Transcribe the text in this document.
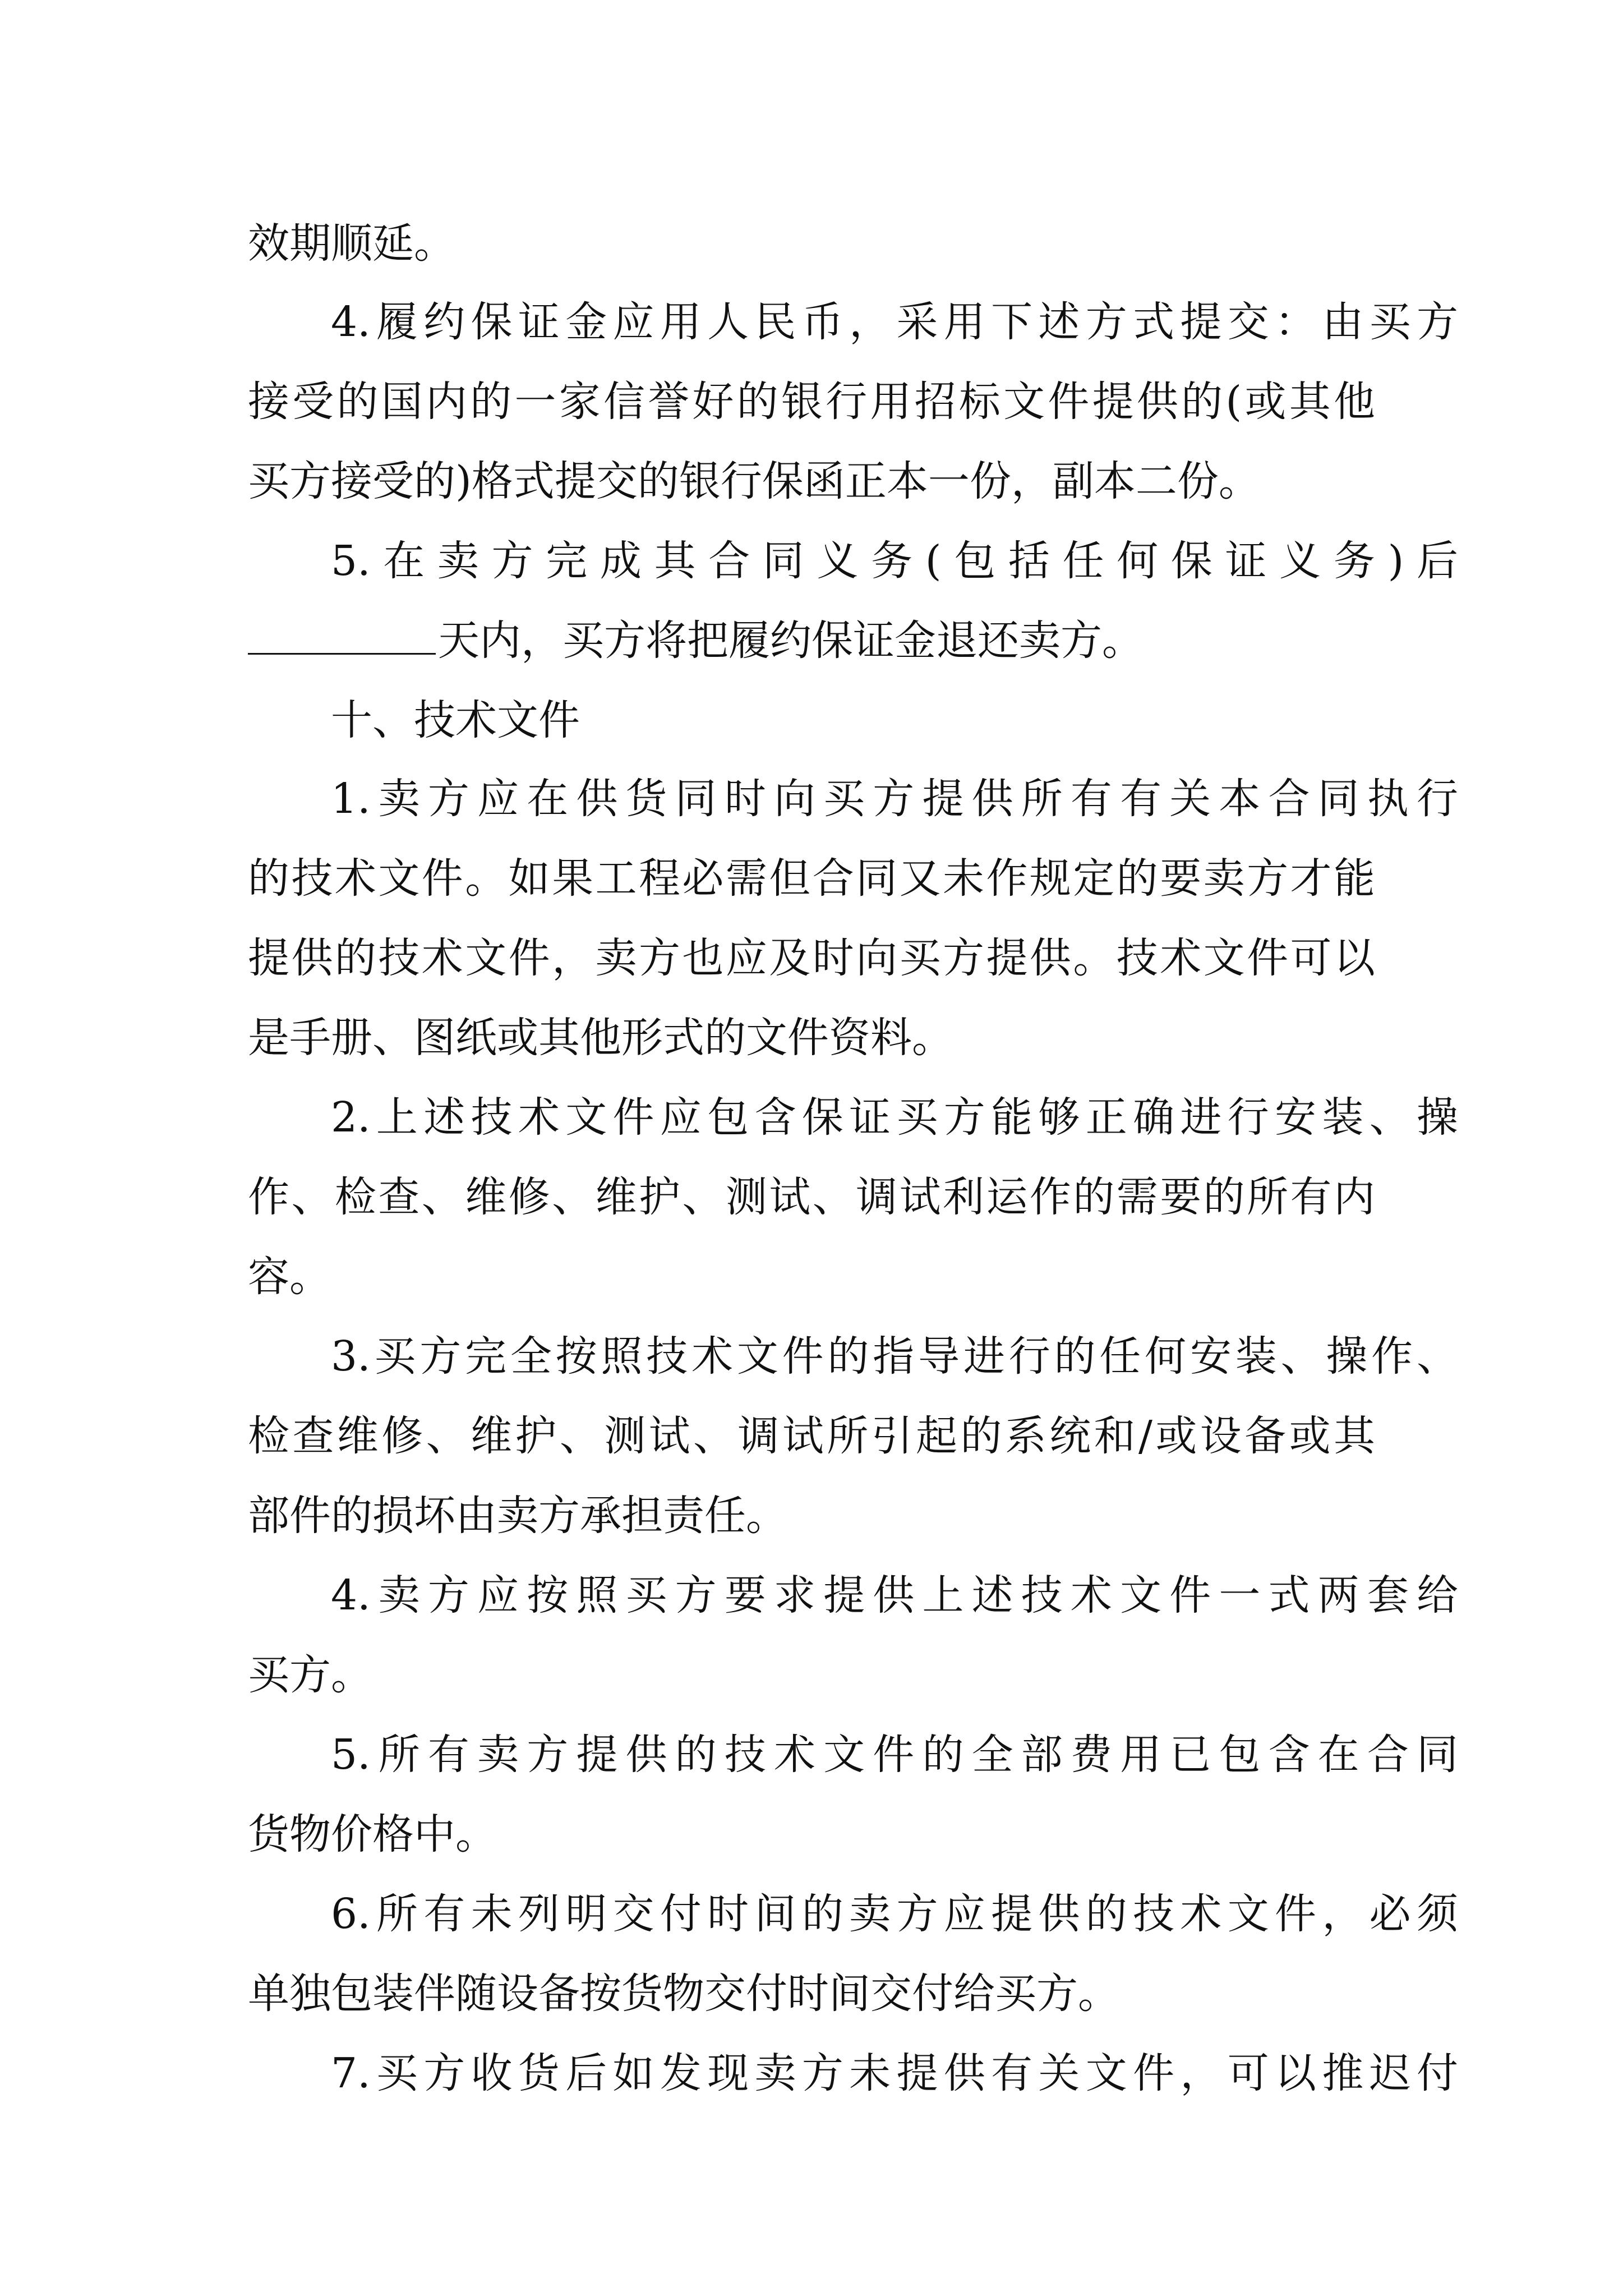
效期顺延。
4.履约保证金应用人民币，采用下述方式提交：由买方
接受的国内的一家信誉好的银行用招标文件提供的(或其他
买方接受的)格式提交的银行保函正本一份，副本二份。
5.在卖方完成其合同义务(包括任何保证义务)后
天内，买方将把履约保证金退还卖方。
十、技术文件
1.卖方应在供货同时向买方提供所有有关本合同执行
的技术文件。如果工程必需但合同又未作规定的要卖方才能
提供的技术文件，卖方也应及时向买方提供。技术文件可以
是手册、图纸或其他形式的文件资料。
2.上述技术文件应包含保证买方能够正确进行安装、操
作、检查、维修、维护、测试、调试利运作的需要的所有内
容。
3.买方完全按照技术文件的指导进行的任何安装、操作、
检查维修、维护、测试、调试所引起的系统和/或设备或其
部件的损坏由卖方承担责任。
4.卖方应按照买方要求提供上述技术文件一式两套给
买方。
5.所有卖方提供的技术文件的全部费用已包含在合同
货物价格中。
6.所有未列明交付时间的卖方应提供的技术文件，必须
单独包装伴随设备按货物交付时间交付给买方。
7.买方收货后如发现卖方未提供有关文件，可以推迟付
